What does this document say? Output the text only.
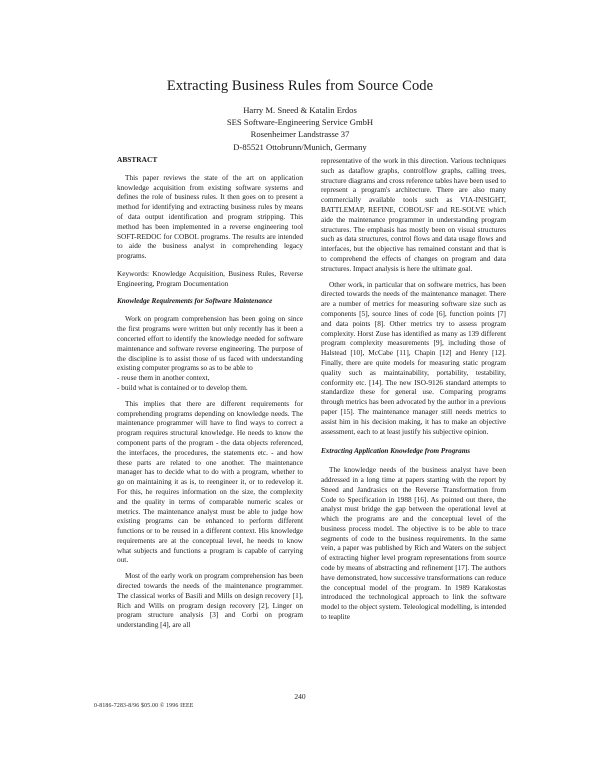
Extracting Business Rules from Source Code
Harry M. Sneed & Katalin Erdos
SES Software-Engineering Service GmbH
Rosenheimer Landstrasse 37
D-85521 Ottobrunn/Munich, Germany
ABSTRACT

This paper reviews the state of the art on application knowledge acquisition from existing software systems and defines the role of business rules. It then goes on to present a method for identifying and extracting business rules by means of data output identification and program stripping. This method has been implemented in a reverse engineering tool SOFT-REDOC for COBOL programs. The results are intended to aide the business analyst in comprehending legacy programs.

Keywords: Knowledge Acquisition, Business Rules, Reverse Engineering, Program Documentation

Knowledge Requirements for Software Maintenance

Work on program comprehension has been going on since the first programs were written but only recently has it been a concerted effort to identify the knowledge needed for software maintenance and software reverse engineering. The purpose of the discipline is to assist those of us faced with understanding existing computer programs so as to be able to

- reuse them in another context,

- build what is contained or to develop them.

This implies that there are different requirements for comprehending programs depending on knowledge needs. The maintenance programmer will have to find ways to correct a program requires structural knowledge. He needs to know the component parts of the program - the data objects referenced, the interfaces, the procedures, the statements etc. - and how these parts are related to one another. The maintenance manager has to decide what to do with a program, whether to go on maintaining it as is, to reengineer it, or to redevelop it. For this, he requires information on the size, the complexity and the quality in terms of comparable numeric scales or metrics. The maintenance analyst must be able to judge how existing programs can be enhanced to perform different functions or to be reused in a different context. His knowledge requirements are at the conceptual level, he needs to know what subjects and functions a program is capable of carrying out.

Most of the early work on program comprehension has been directed towards the needs of the maintenance programmer. The classical works of Basili and Mills on design recovery [1], Rich and Wills on program design recovery [2], Linger on program structure analysis [3] and Corbi on program understanding [4], are all

representative of the work in this direction. Various techniques such as dataflow graphs, controlflow graphs, calling trees, structure diagrams and cross reference tables have been used to represent a program's architecture. There are also many commercially available tools such as VIA-INSIGHT, BATTLEMAP, REFINE, COBOL/SF and RE-SOLVE which aide the maintenance programmer in understanding program structures. The emphasis has mostly been on visual structures such as data structures, control flows and data usage flows and interfaces, but the objective has remained constant and that is to comprehend the effects of changes on program and data structures. Impact analysis is here the ultimate goal.

Other work, in particular that on software metrics, has been directed towards the needs of the maintenance manager. There are a number of metrics for measuring software size such as components [5], source lines of code [6], function points [7] and data points [8]. Other metrics try to assess program complexity. Horst Zuse has identified as many as 139 different program complexity measurements [9], including those of Halstead [10], McCabe [11], Chapin [12] and Henry [12]. Finally, there are quite models for measuring static program quality such as maintainability, portability, testability, conformity etc. [14]. The new ISO-9126 standard attempts to standardize these for general use. Comparing programs through metrics has been advocated by the author in a previous paper [15]. The maintenance manager still needs metrics to assist him in his decision making, it has to make an objective assessment, each to at least justify his subjective opinion.

Extracting Application Knowledge from Programs

The knowledge needs of the business analyst have been addressed in a long time at papers starting with the report by Sneed and Jandrasics on the Reverse Transformation from Code to Specification in 1988 [16]. As pointed out there, the analyst must bridge the gap between the operational level at which the programs are and the conceptual level of the business process model. The objective is to be able to trace segments of code to the business requirements. In the same vein, a paper was published by Rich and Waters on the subject of extracting higher level program representations from source code by means of abstracting and refinement [17]. The authors have demonstrated, how successive transformations can reduce the conceptual model of the program. In 1989 Karakostas introduced the technological approach to link the software model to the object system. Teleological modelling, is intended to teaplite

240
0-8186-7283-8/96 $05.00 © 1996 IEEE
